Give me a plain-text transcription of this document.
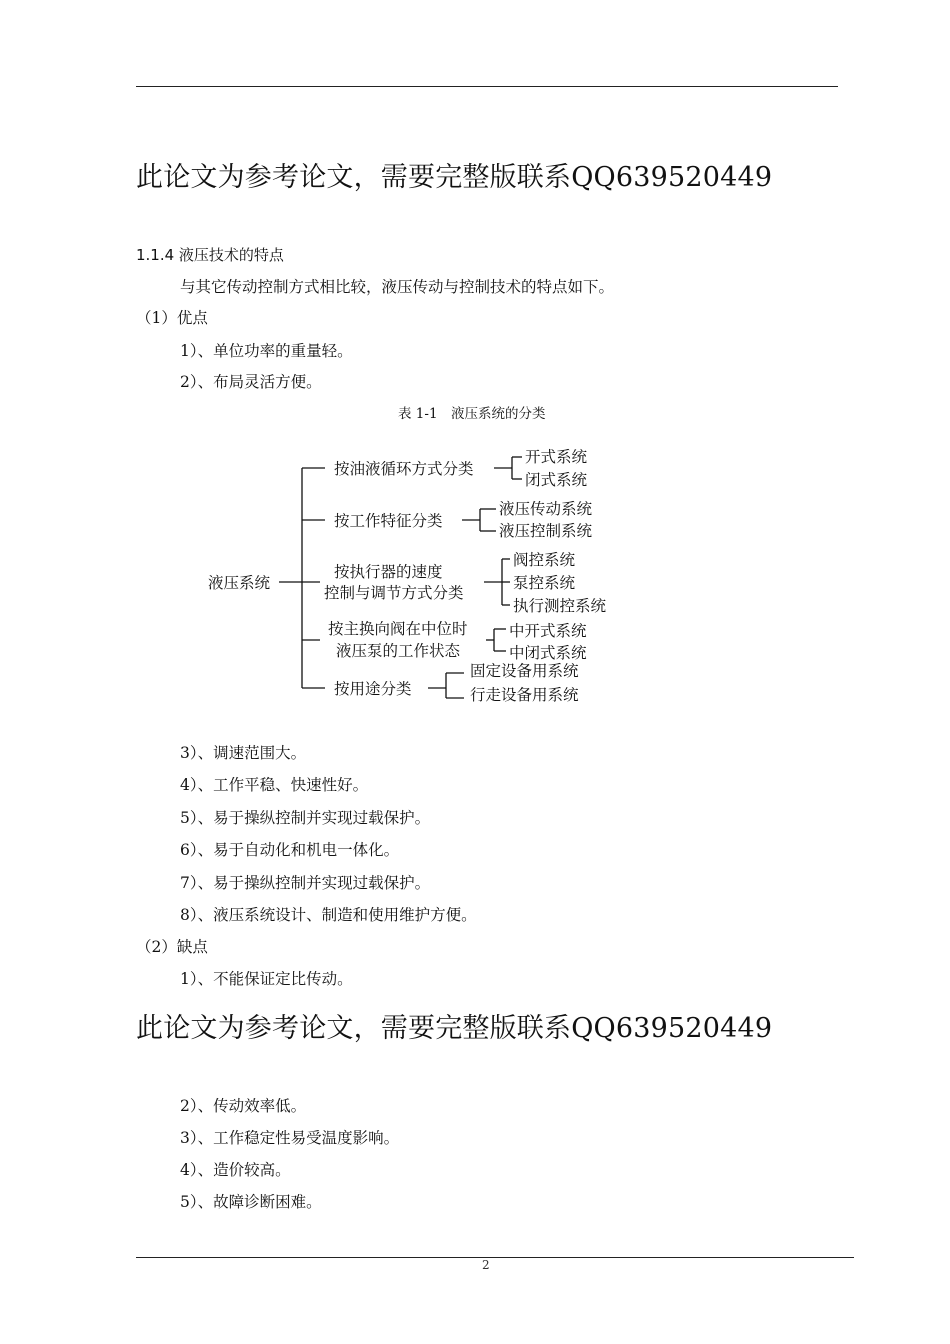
此论文为参考论文，需要完整版联系QQ639520449
1.1.4 液压技术的特点
与其它传动控制方式相比较，液压传动与控制技术的特点如下。
（1）优点
1）、单位功率的重量轻。
2）、布局灵活方便。
表 1-1　液压系统的分类
液压系统
按油液循环方式分类
开式系统
闭式系统
按工作特征分类
液压传动系统
液压控制系统
按执行器的速度
控制与调节方式分类
阀控系统
泵控系统
执行测控系统
按主换向阀在中位时
液压泵的工作状态
中开式系统
中闭式系统
按用途分类
固定设备用系统
行走设备用系统
3）、调速范围大。
4）、工作平稳、快速性好。
5）、易于操纵控制并实现过载保护。
6）、易于自动化和机电一体化。
7）、易于操纵控制并实现过载保护。
8）、液压系统设计、制造和使用维护方便。
（2）缺点
1）、不能保证定比传动。
此论文为参考论文，需要完整版联系QQ639520449
2）、传动效率低。
3）、工作稳定性易受温度影响。
4）、造价较高。
5）、故障诊断困难。
2
